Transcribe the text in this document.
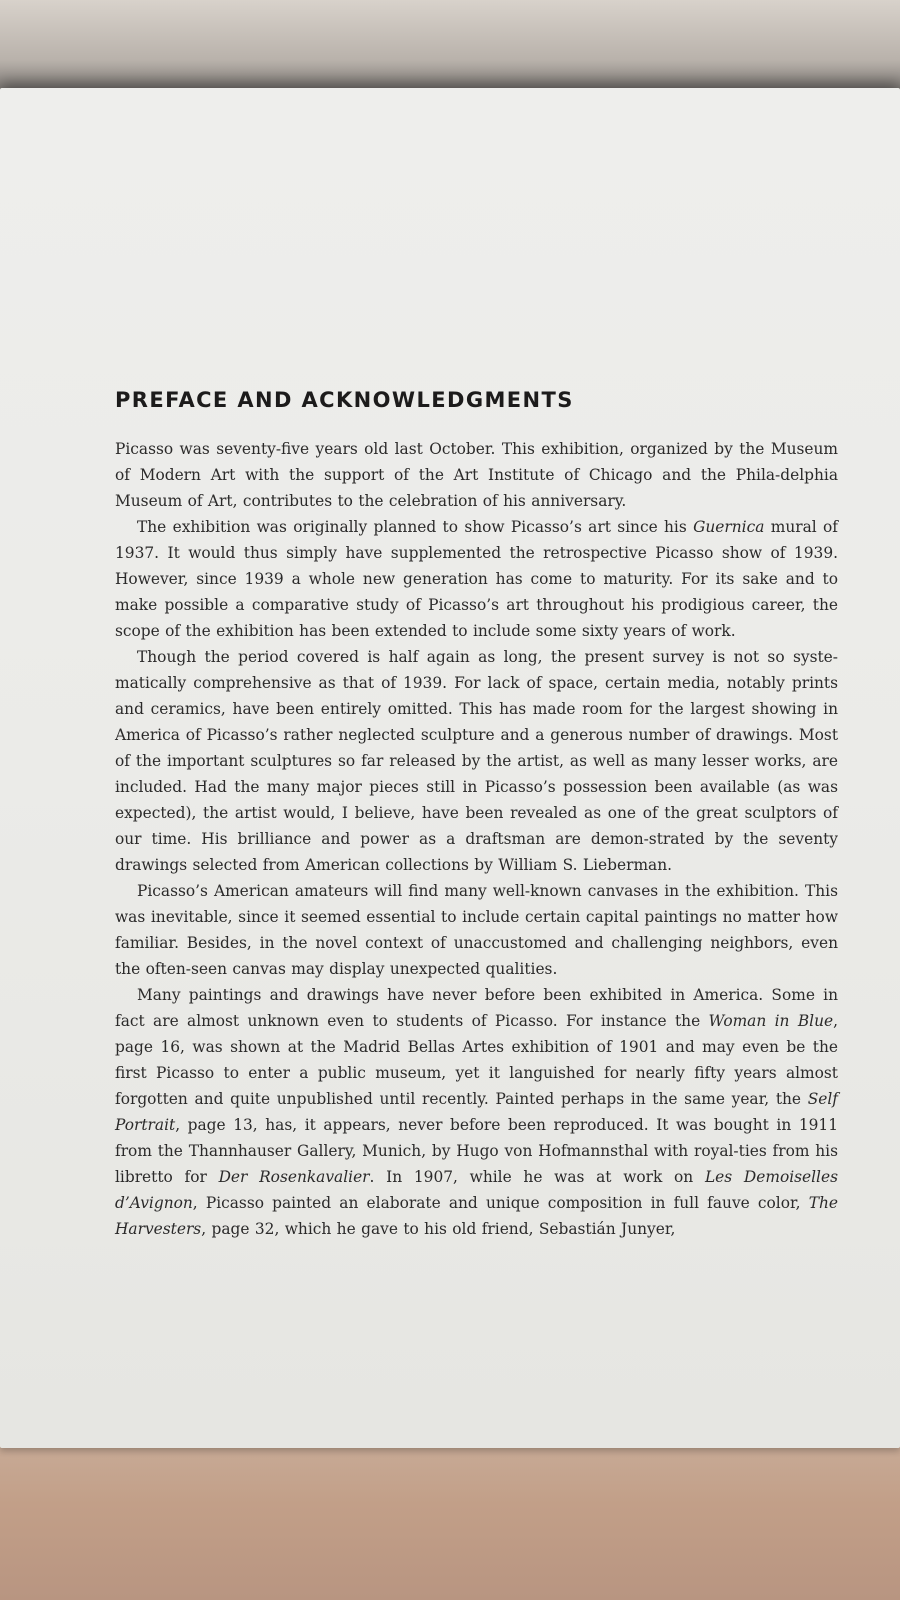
PREFACE AND ACKNOWLEDGMENTS

Picasso was seventy-five years old last October. This exhibition, organized by the Museum of Modern Art with the support of the Art Institute of Chicago and the Phila-delphia Museum of Art, contributes to the celebration of his anniversary.

The exhibition was originally planned to show Picasso’s art since his Guernica mural of 1937. It would thus simply have supplemented the retrospective Picasso show of 1939. However, since 1939 a whole new generation has come to maturity. For its sake and to make possible a comparative study of Picasso’s art throughout his prodigious career, the scope of the exhibition has been extended to include some sixty years of work.

Though the period covered is half again as long, the present survey is not so syste-matically comprehensive as that of 1939. For lack of space, certain media, notably prints and ceramics, have been entirely omitted. This has made room for the largest showing in America of Picasso’s rather neglected sculpture and a generous number of drawings. Most of the important sculptures so far released by the artist, as well as many lesser works, are included. Had the many major pieces still in Picasso’s possession been available (as was expected), the artist would, I believe, have been revealed as one of the great sculptors of our time. His brilliance and power as a draftsman are demon-strated by the seventy drawings selected from American collections by William S. Lieberman.

Picasso’s American amateurs will find many well-known canvases in the exhibition. This was inevitable, since it seemed essential to include certain capital paintings no matter how familiar. Besides, in the novel context of unaccustomed and challenging neighbors, even the often-seen canvas may display unexpected qualities.

Many paintings and drawings have never before been exhibited in America. Some in fact are almost unknown even to students of Picasso. For instance the Woman in Blue, page 16, was shown at the Madrid Bellas Artes exhibition of 1901 and may even be the first Picasso to enter a public museum, yet it languished for nearly fifty years almost forgotten and quite unpublished until recently. Painted perhaps in the same year, the Self Portrait, page 13, has, it appears, never before been reproduced. It was bought in 1911 from the Thannhauser Gallery, Munich, by Hugo von Hofmannsthal with royal-ties from his libretto for Der Rosenkavalier. In 1907, while he was at work on Les Demoiselles d’Avignon, Picasso painted an elaborate and unique composition in full fauve color, The Harvesters, page 32, which he gave to his old friend, Sebastián Junyer,
